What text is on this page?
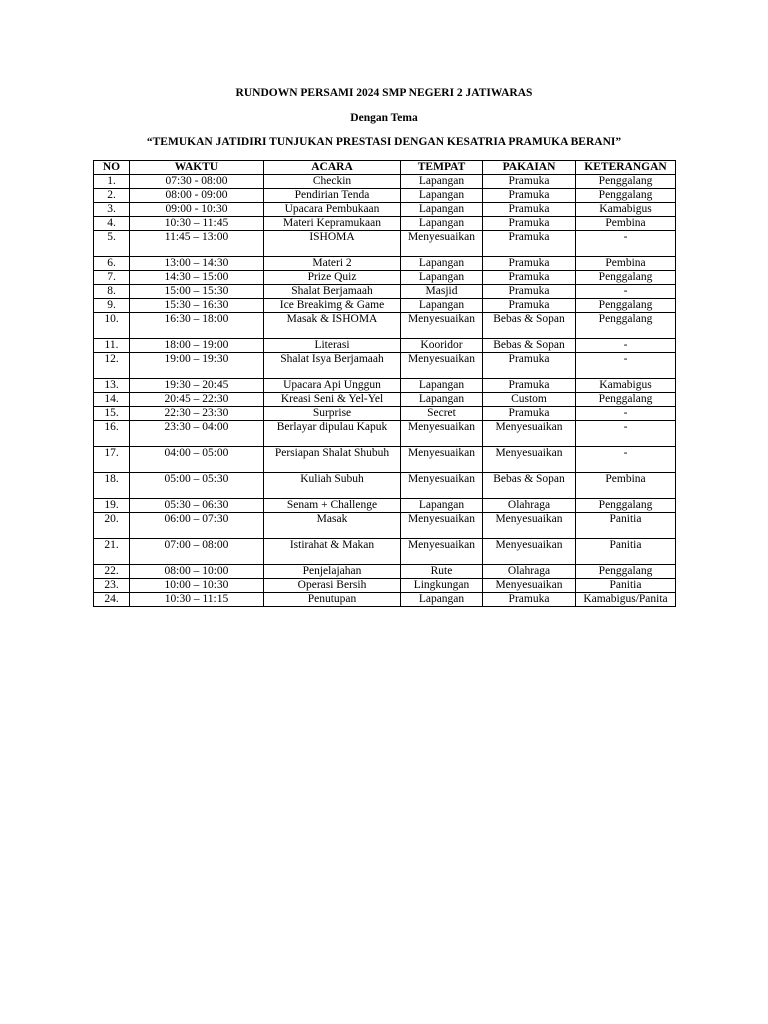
RUNDOWN PERSAMI 2024 SMP NEGERI 2 JATIWARAS
Dengan Tema
“TEMUKAN JATIDIRI TUNJUKAN PRESTASI DENGAN KESATRIA PRAMUKA BERANI”
NO	WAKTU	ACARA	TEMPAT	PAKAIAN	KETERANGAN
1.	07:30 - 08:00	Checkin	Lapangan	Pramuka	Penggalang
2.	08:00 - 09:00	Pendirian Tenda	Lapangan	Pramuka	Penggalang
3.	09:00 - 10:30	Upacara Pembukaan	Lapangan	Pramuka	Kamabigus
4.	10:30 – 11:45	Materi Kepramukaan	Lapangan	Pramuka	Pembina
5.	11:45 – 13:00	ISHOMA	Menyesuaikan	Pramuka	-
6.	13:00 – 14:30	Materi 2	Lapangan	Pramuka	Pembina
7.	14:30 – 15:00	Prize Quiz	Lapangan	Pramuka	Penggalang
8.	15:00 – 15:30	Shalat Berjamaah	Masjid	Pramuka	-
9.	15:30 – 16:30	Ice Breakimg & Game	Lapangan	Pramuka	Penggalang
10.	16:30 – 18:00	Masak & ISHOMA	Menyesuaikan	Bebas & Sopan	Penggalang
11.	18:00 – 19:00	Literasi	Kooridor	Bebas & Sopan	-
12.	19:00 – 19:30	Shalat Isya Berjamaah	Menyesuaikan	Pramuka	-
13.	19:30 – 20:45	Upacara Api Unggun	Lapangan	Pramuka	Kamabigus
14.	20:45 – 22:30	Kreasi Seni & Yel-Yel	Lapangan	Custom	Penggalang
15.	22:30 – 23:30	Surprise	Secret	Pramuka	-
16.	23:30 – 04:00	Berlayar dipulau Kapuk	Menyesuaikan	Menyesuaikan	-
17.	04:00 – 05:00	Persiapan Shalat Shubuh	Menyesuaikan	Menyesuaikan	-
18.	05:00 – 05:30	Kuliah Subuh	Menyesuaikan	Bebas & Sopan	Pembina
19.	05:30 – 06:30	Senam + Challenge	Lapangan	Olahraga	Penggalang
20.	06:00 – 07:30	Masak	Menyesuaikan	Menyesuaikan	Panitia
21.	07:00 – 08:00	Istirahat & Makan	Menyesuaikan	Menyesuaikan	Panitia
22.	08:00 – 10:00	Penjelajahan	Rute	Olahraga	Penggalang
23.	10:00 – 10:30	Operasi Bersih	Lingkungan	Menyesuaikan	Panitia
24.	10:30 – 11:15	Penutupan	Lapangan	Pramuka	Kamabigus/Panita
